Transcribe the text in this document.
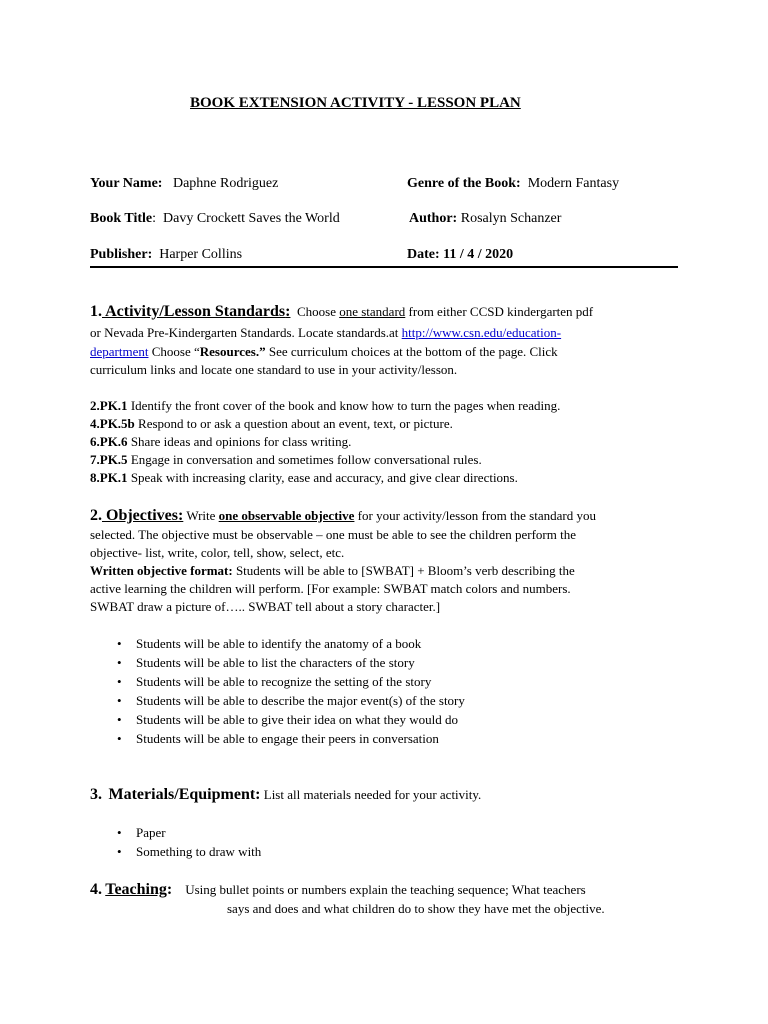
BOOK EXTENSION ACTIVITY - LESSON PLAN
Your Name: Daphne Rodriguez	Genre of the Book: Modern Fantasy
Book Title: Davy Crockett Saves the World	Author: Rosalyn Schanzer
Publisher: Harper Collins	Date: 11 / 4 / 2020
1. Activity/Lesson Standards: Choose one standard from either CCSD kindergarten pdf
or Nevada Pre-Kindergarten Standards. Locate standards.at http://www.csn.edu/education-
department Choose “Resources.” See curriculum choices at the bottom of the page. Click
curriculum links and locate one standard to use in your activity/lesson.
2.PK.1 Identify the front cover of the book and know how to turn the pages when reading.
4.PK.5b Respond to or ask a question about an event, text, or picture.
6.PK.6 Share ideas and opinions for class writing.
7.PK.5 Engage in conversation and sometimes follow conversational rules.
8.PK.1 Speak with increasing clarity, ease and accuracy, and give clear directions.
2. Objectives: Write one observable objective for your activity/lesson from the standard you
selected. The objective must be observable – one must be able to see the children perform the
objective- list, write, color, tell, show, select, etc.
Written objective format: Students will be able to [SWBAT] + Bloom’s verb describing the
active learning the children will perform. [For example: SWBAT match colors and numbers.
SWBAT draw a picture of….. SWBAT tell about a story character.]
• Students will be able to identify the anatomy of a book
• Students will be able to list the characters of the story
• Students will be able to recognize the setting of the story
• Students will be able to describe the major event(s) of the story
• Students will be able to give their idea on what they would do
• Students will be able to engage their peers in conversation
3. Materials/Equipment: List all materials needed for your activity.
• Paper
• Something to draw with
4. Teaching: Using bullet points or numbers explain the teaching sequence; What teachers
says and does and what children do to show they have met the objective.
